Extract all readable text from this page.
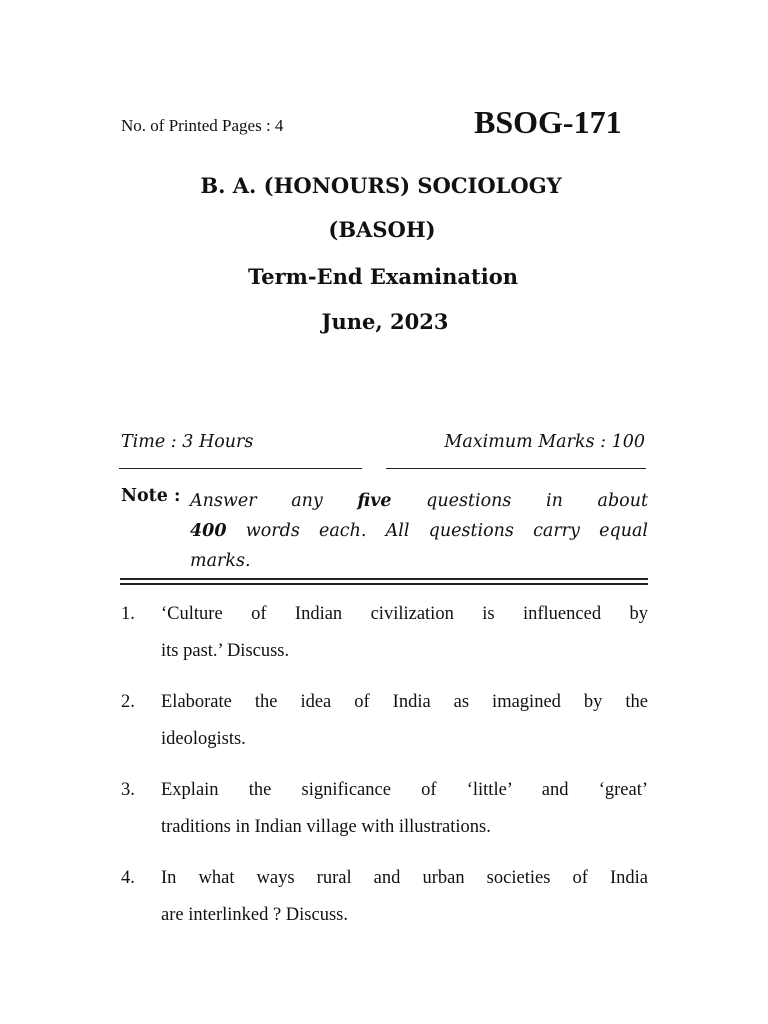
No. of Printed Pages : 4	BSOG-171
B. A. (HONOURS) SOCIOLOGY
(BASOH)
Term-End Examination
June, 2023
Time : 3 Hours	Maximum Marks : 100
Note : Answer any five questions in about
400 words each. All questions carry equal
marks.
1. ‘Culture of Indian civilization is influenced by
its past.’ Discuss.
2. Elaborate the idea of India as imagined by the
ideologists.
3. Explain the significance of ‘little’ and ‘great’
traditions in Indian village with illustrations.
4. In what ways rural and urban societies of India
are interlinked ? Discuss.
